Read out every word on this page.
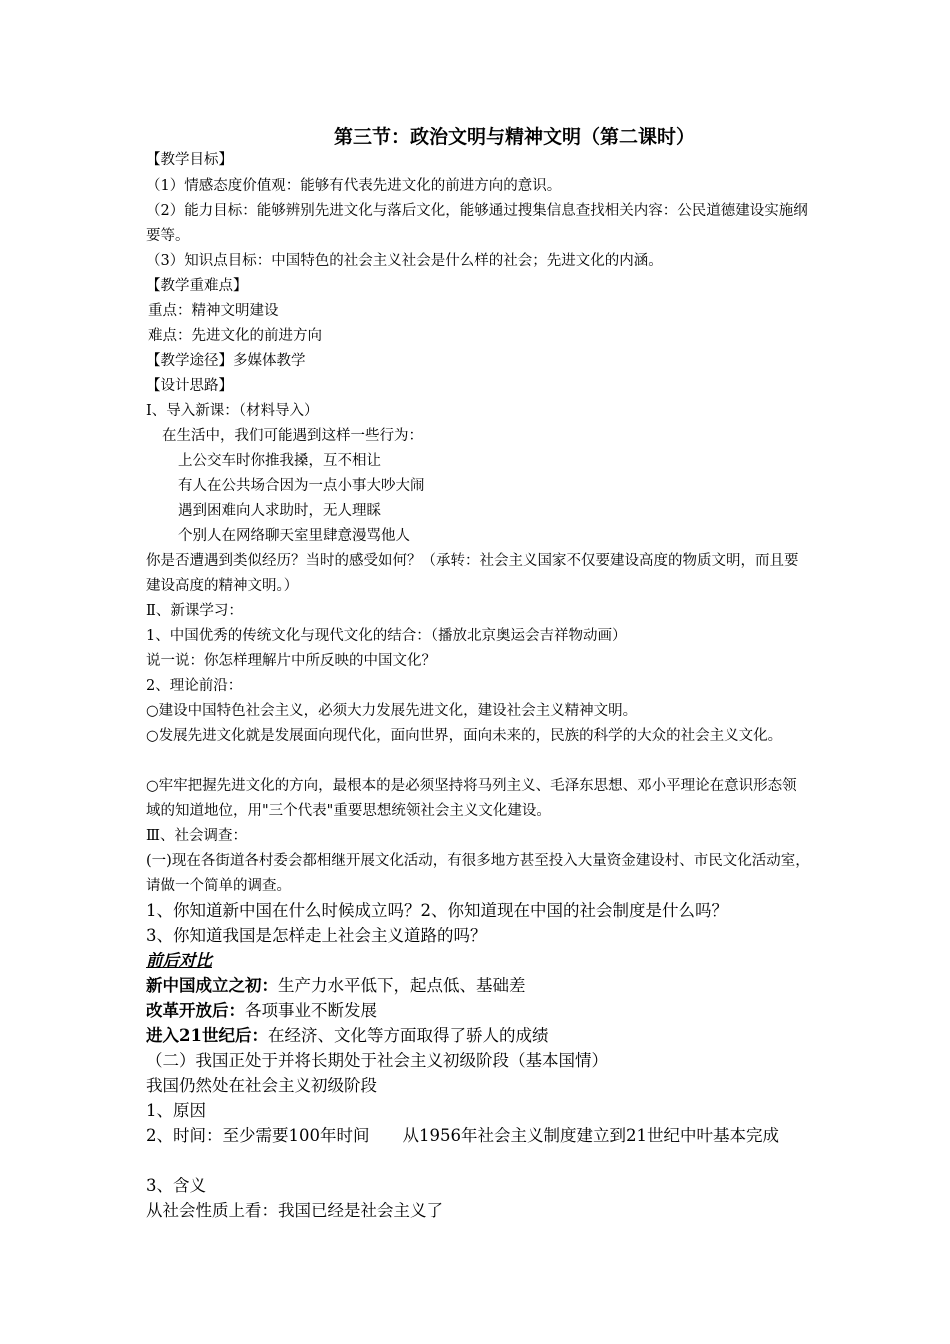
第三节：政治文明与精神文明（第二课时）
【教学目标】
（1）情感态度价值观：能够有代表先进文化的前进方向的意识。
（2）能力目标：能够辨别先进文化与落后文化，能够通过搜集信息查找相关内容：公民道德建设实施纲要等。
（3）知识点目标：中国特色的社会主义社会是什么样的社会；先进文化的内涵。
【教学重难点】
重点：精神文明建设
难点：先进文化的前进方向
【教学途径】多媒体教学
【设计思路】
Ⅰ、导入新课：（材料导入）
在生活中，我们可能遇到这样一些行为：
上公交车时你推我搡，互不相让
有人在公共场合因为一点小事大吵大闹
遇到困难向人求助时，无人理睬
个别人在网络聊天室里肆意漫骂他人
你是否遭遇到类似经历？当时的感受如何？（承转：社会主义国家不仅要建设高度的物质文明，而且要建设高度的精神文明。）
Ⅱ、新课学习：
1、中国优秀的传统文化与现代文化的结合：（播放北京奥运会吉祥物动画）
说一说：你怎样理解片中所反映的中国文化？
2、理论前沿：
○建设中国特色社会主义，必须大力发展先进文化，建设社会主义精神文明。
○发展先进文化就是发展面向现代化，面向世界，面向未来的，民族的科学的大众的社会主义文化。
○牢牢把握先进文化的方向，最根本的是必须坚持将马列主义、毛泽东思想、邓小平理论在意识形态领域的知道地位，用"三个代表"重要思想统领社会主义文化建设。
Ⅲ、社会调查：
(一)现在各街道各村委会都相继开展文化活动，有很多地方甚至投入大量资金建设村、市民文化活动室，请做一个简单的调查。
1、你知道新中国在什么时候成立吗？2、你知道现在中国的社会制度是什么吗？
3、你知道我国是怎样走上社会主义道路的吗？
前后对比
新中国成立之初：生产力水平低下，起点低、基础差
改革开放后：各项事业不断发展
进入21世纪后：在经济、文化等方面取得了骄人的成绩
（二）我国正处于并将长期处于社会主义初级阶段（基本国情）
我国仍然处在社会主义初级阶段
1、原因
2、时间：至少需要100年时间　　从1956年社会主义制度建立到21世纪中叶基本完成
3、含义
从社会性质上看：我国已经是社会主义了
